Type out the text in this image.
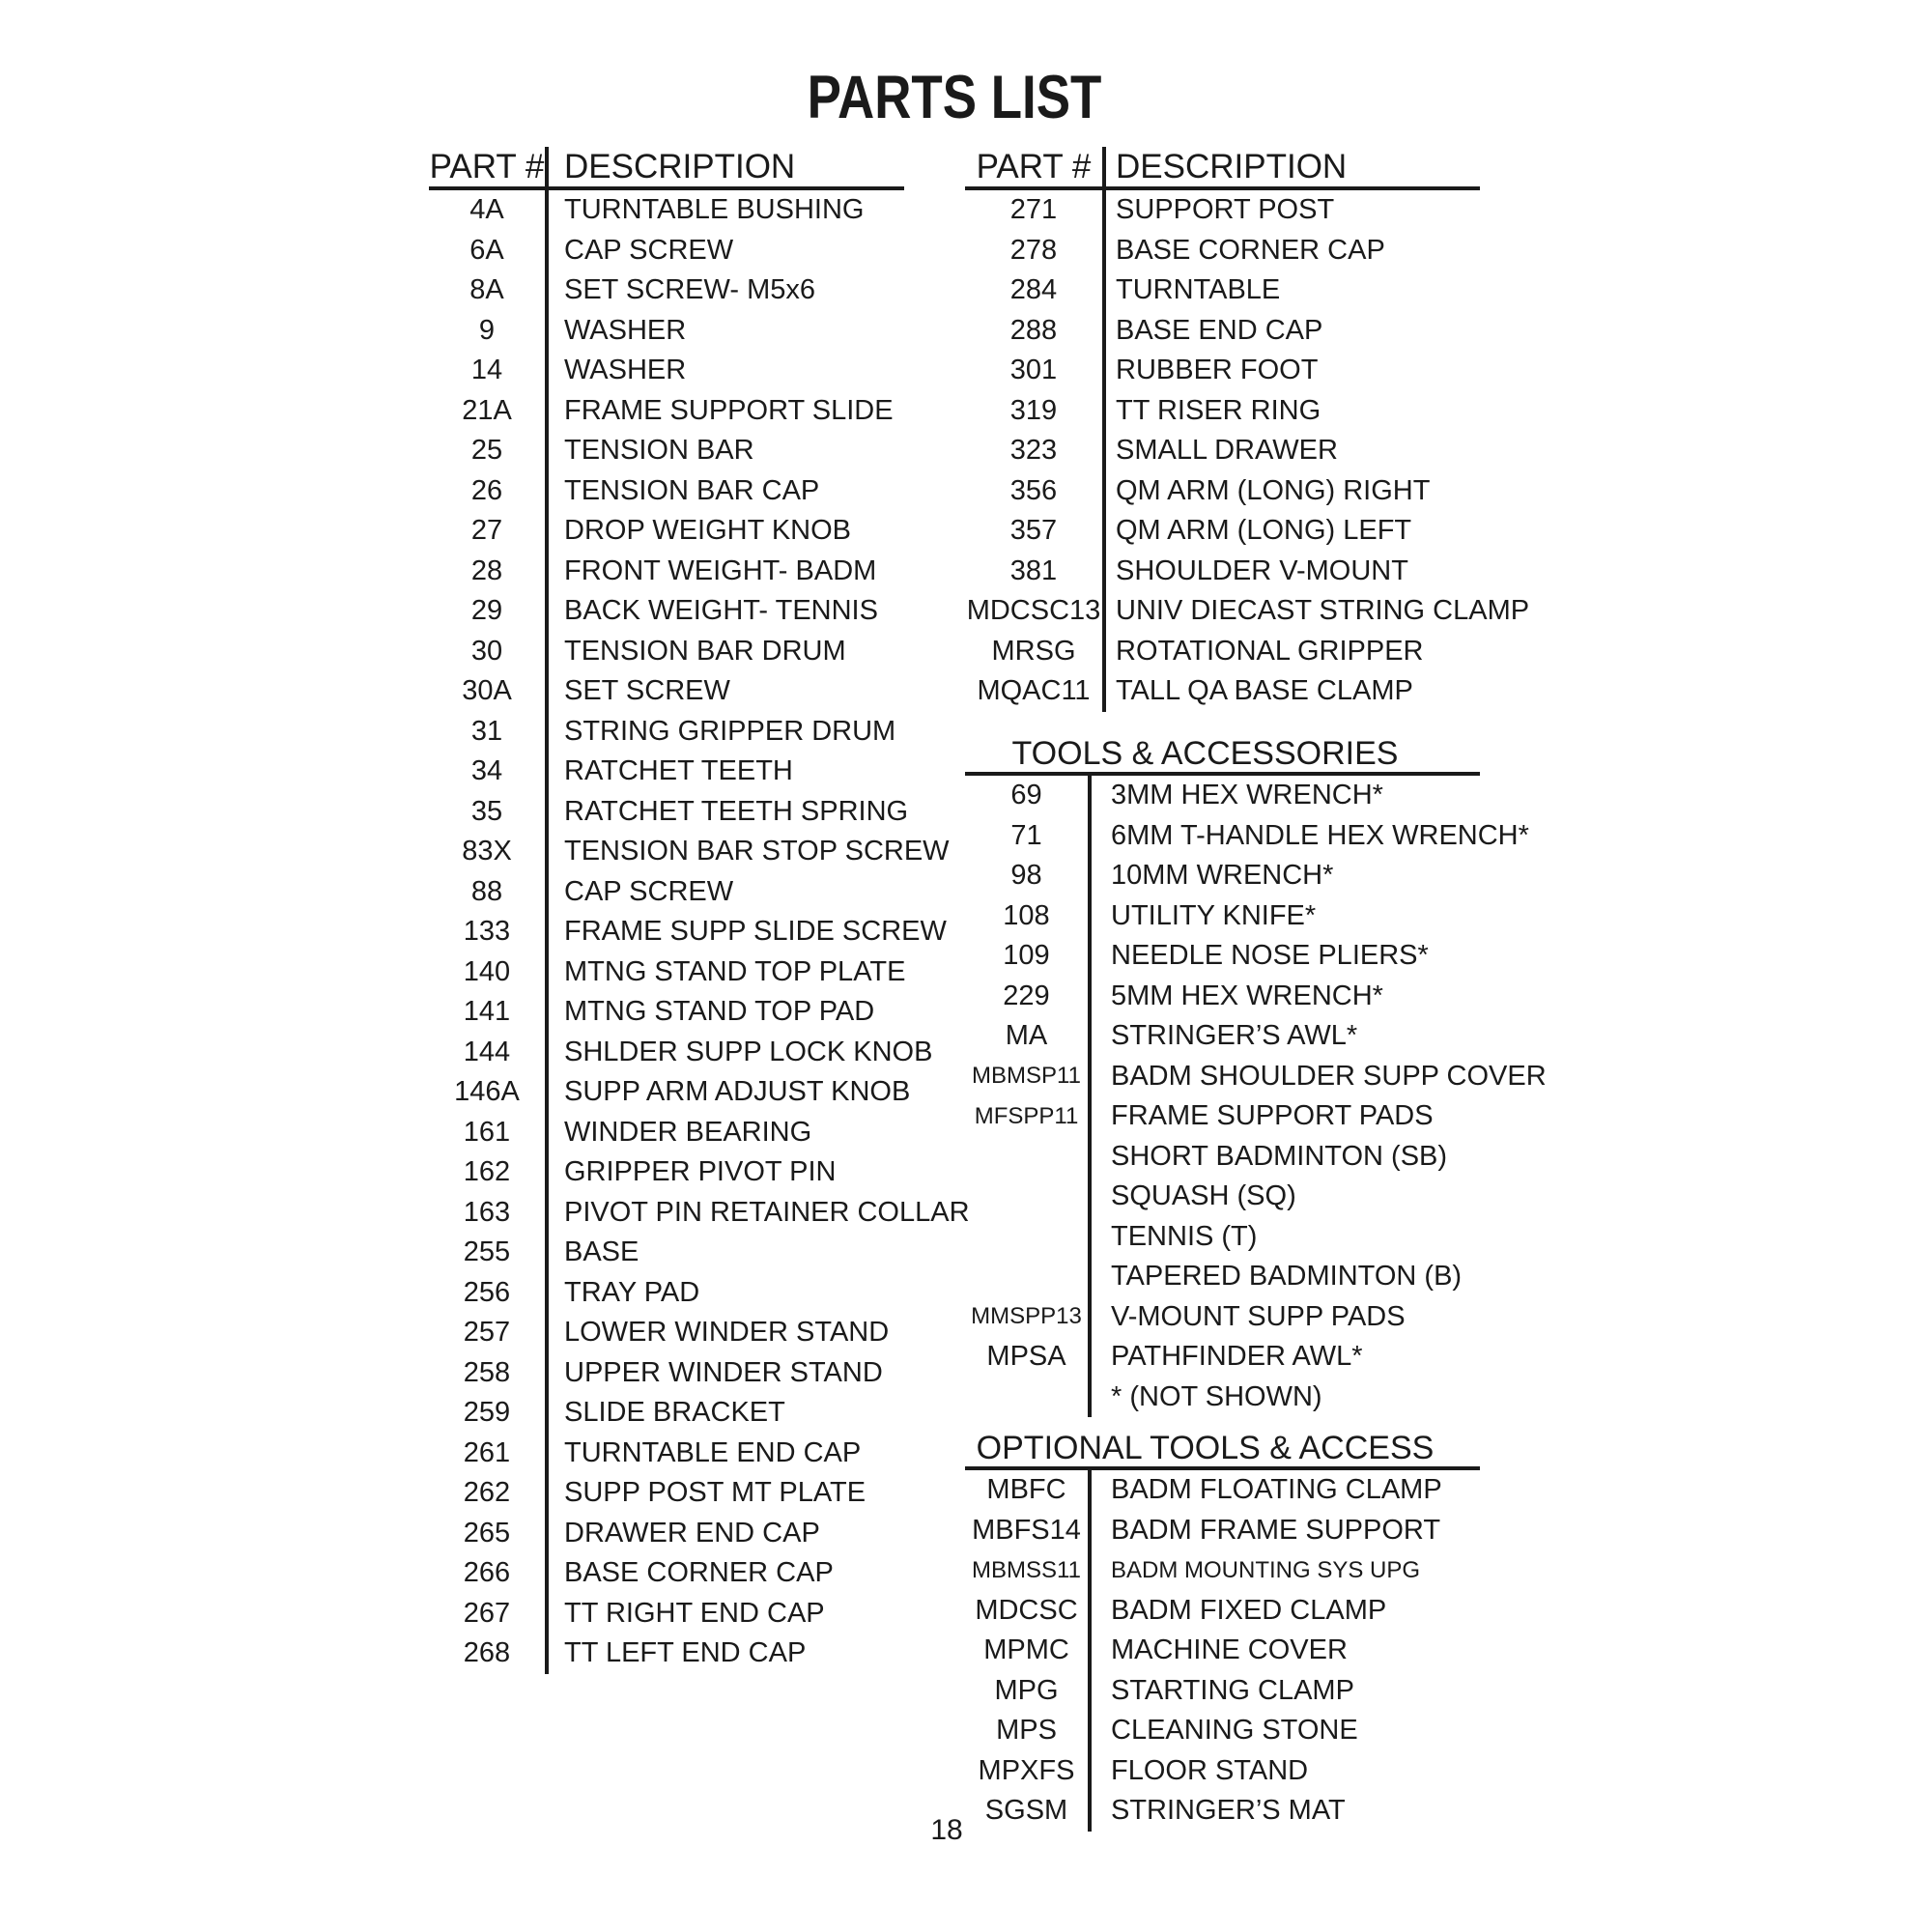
PARTS LIST
PART # DESCRIPTION
4A	TURNTABLE BUSHING
6A	CAP SCREW
8A	SET SCREW- M5x6
9	WASHER
14	WASHER
21A	FRAME SUPPORT SLIDE
25	TENSION BAR
26	TENSION BAR CAP
27	DROP WEIGHT KNOB
28	FRONT WEIGHT- BADM
29	BACK WEIGHT- TENNIS
30	TENSION BAR DRUM
30A	SET SCREW
31	STRING GRIPPER DRUM
34	RATCHET TEETH
35	RATCHET TEETH SPRING
83X	TENSION BAR STOP SCREW
88	CAP SCREW
133	FRAME SUPP SLIDE SCREW
140	MTNG STAND TOP PLATE
141	MTNG STAND TOP PAD
144	SHLDER SUPP LOCK KNOB
146A	SUPP ARM ADJUST KNOB
161	WINDER BEARING
162	GRIPPER PIVOT PIN
163	PIVOT PIN RETAINER COLLAR
255	BASE
256	TRAY PAD
257	LOWER WINDER STAND
258	UPPER WINDER STAND
259	SLIDE BRACKET
261	TURNTABLE END CAP
262	SUPP POST MT PLATE
265	DRAWER END CAP
266	BASE CORNER CAP
267	TT RIGHT END CAP
268	TT LEFT END CAP
PART # DESCRIPTION
271	SUPPORT POST
278	BASE CORNER CAP
284	TURNTABLE
288	BASE END CAP
301	RUBBER FOOT
319	TT RISER RING
323	SMALL DRAWER
356	QM ARM (LONG) RIGHT
357	QM ARM (LONG) LEFT
381	SHOULDER V-MOUNT
MDCSC13 UNIV DIECAST STRING CLAMP
MRSG	ROTATIONAL GRIPPER
MQAC11 TALL QA BASE CLAMP
TOOLS & ACCESSORIES
69	3MM HEX WRENCH*
71	6MM T-HANDLE HEX WRENCH*
98	10MM WRENCH*
108	UTILITY KNIFE*
109	NEEDLE NOSE PLIERS*
229	5MM HEX WRENCH*
MA	STRINGER’S AWL*
MBMSP11	BADM SHOULDER SUPP COVER
MFSPP11	FRAME SUPPORT PADS
SHORT BADMINTON (SB)
SQUASH (SQ)
TENNIS (T)
TAPERED BADMINTON (B)
MMSPP13	V-MOUNT SUPP PADS
MPSA	PATHFINDER AWL*
* (NOT SHOWN)
OPTIONAL TOOLS & ACCESS
MBFC	BADM FLOATING CLAMP
MBFS14	BADM FRAME SUPPORT
MBMSS11	BADM MOUNTING SYS UPG
MDCSC	BADM FIXED CLAMP
MPMC	MACHINE COVER
MPG	STARTING CLAMP
MPS	CLEANING STONE
MPXFS	FLOOR STAND
SGSM	STRINGER’S MAT
18
